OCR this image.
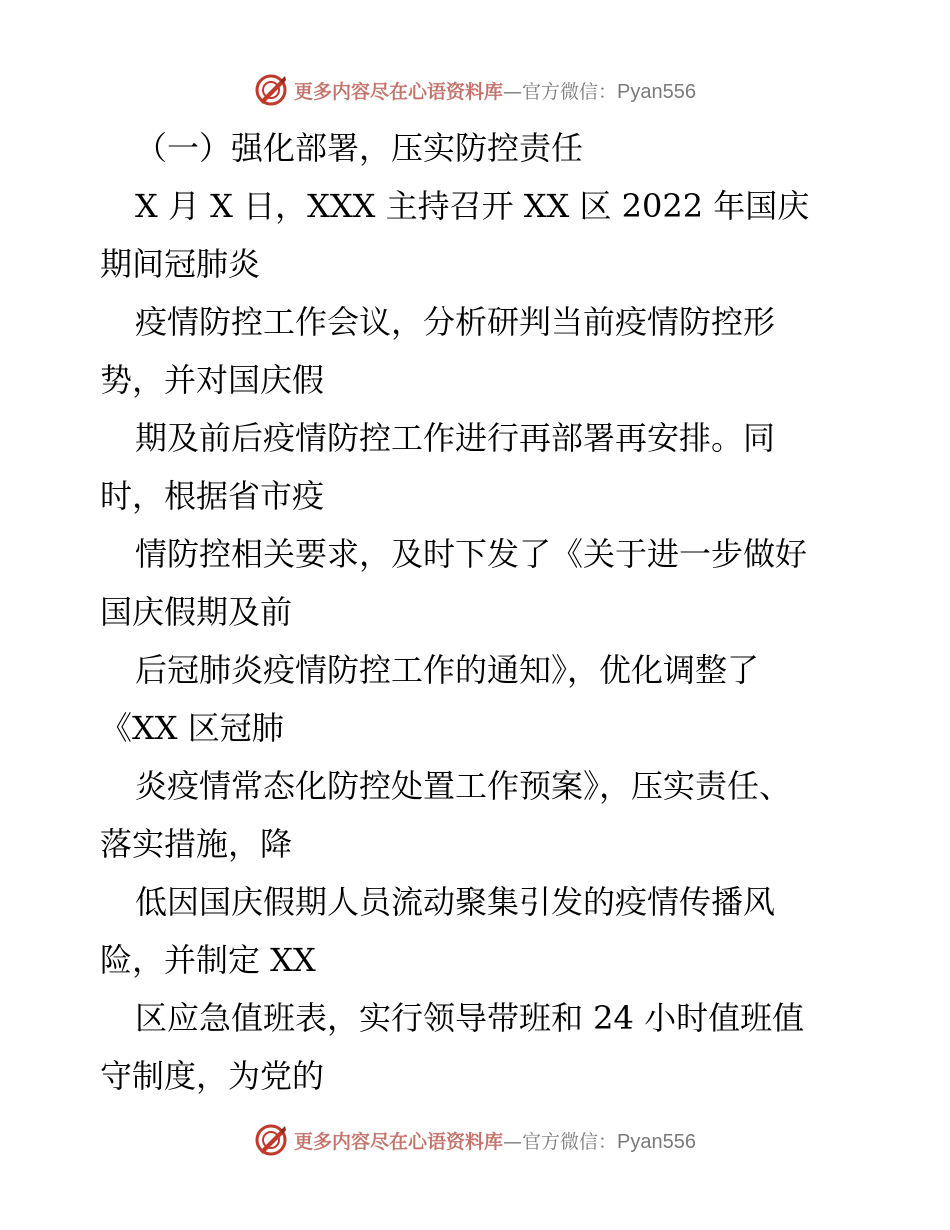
更多内容尽在心语资料库 — 官方微信： Pyan556
（一）强化部署，压实防控责任
X 月 X 日，XXX 主持召开 XX 区 2022 年国庆
期间冠肺炎
疫情防控工作会议，分析研判当前疫情防控形
势，并对国庆假
期及前后疫情防控工作进行再部署再安排。同
时，根据省市疫
情防控相关要求，及时下发了《关于进一步做好
国庆假期及前
后冠肺炎疫情防控工作的通知》，优化调整了
《XX 区冠肺
炎疫情常态化防控处置工作预案》，压实责任、
落实措施，降
低因国庆假期人员流动聚集引发的疫情传播风
险，并制定 XX
区应急值班表，实行领导带班和 24 小时值班值
守制度，为党的
更多内容尽在心语资料库 — 官方微信： Pyan556
